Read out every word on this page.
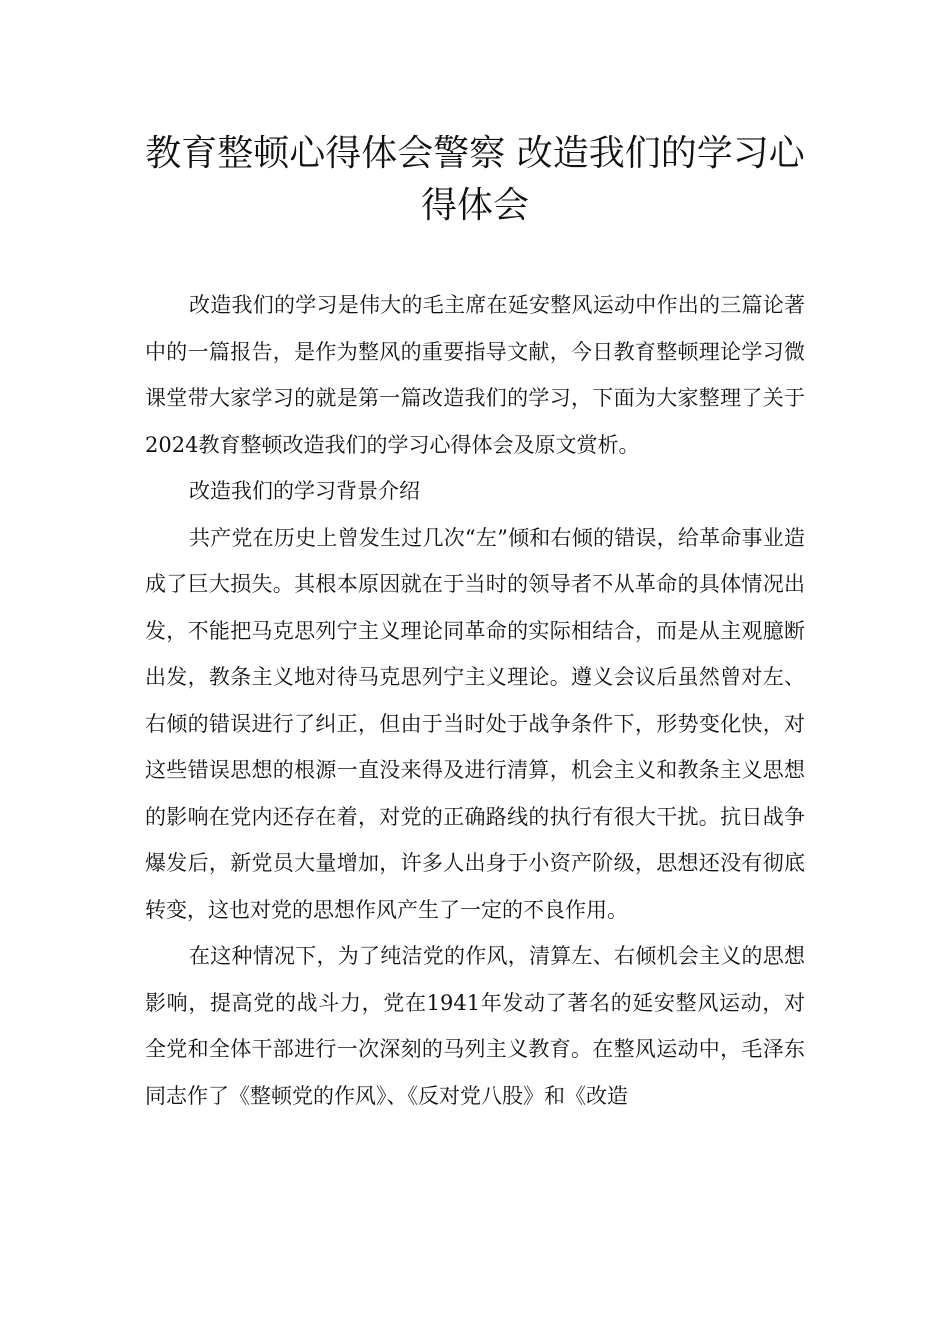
教育整顿心得体会警察 改造我们的学习心得体会

改造我们的学习是伟大的毛主席在延安整风运动中作出的三篇论著中的一篇报告，是作为整风的重要指导文献，今日教育整顿理论学习微课堂带大家学习的就是第一篇改造我们的学习，下面为大家整理了关于2024教育整顿改造我们的学习心得体会及原文赏析。

改造我们的学习背景介绍

共产党在历史上曾发生过几次“左”倾和右倾的错误，给革命事业造成了巨大损失。其根本原因就在于当时的领导者不从革命的具体情况出发，不能把马克思列宁主义理论同革命的实际相结合，而是从主观臆断出发，教条主义地对待马克思列宁主义理论。遵义会议后虽然曾对左、右倾的错误进行了纠正，但由于当时处于战争条件下，形势变化快，对这些错误思想的根源一直没来得及进行清算，机会主义和教条主义思想的影响在党内还存在着，对党的正确路线的执行有很大干扰。抗日战争爆发后，新党员大量增加，许多人出身于小资产阶级，思想还没有彻底转变，这也对党的思想作风产生了一定的不良作用。

在这种情况下，为了纯洁党的作风，清算左、右倾机会主义的思想影响，提高党的战斗力，党在1941年发动了著名的延安整风运动，对全党和全体干部进行一次深刻的马列主义教育。在整风运动中，毛泽东同志作了《整顿党的作风》、《反对党八股》和《改造
